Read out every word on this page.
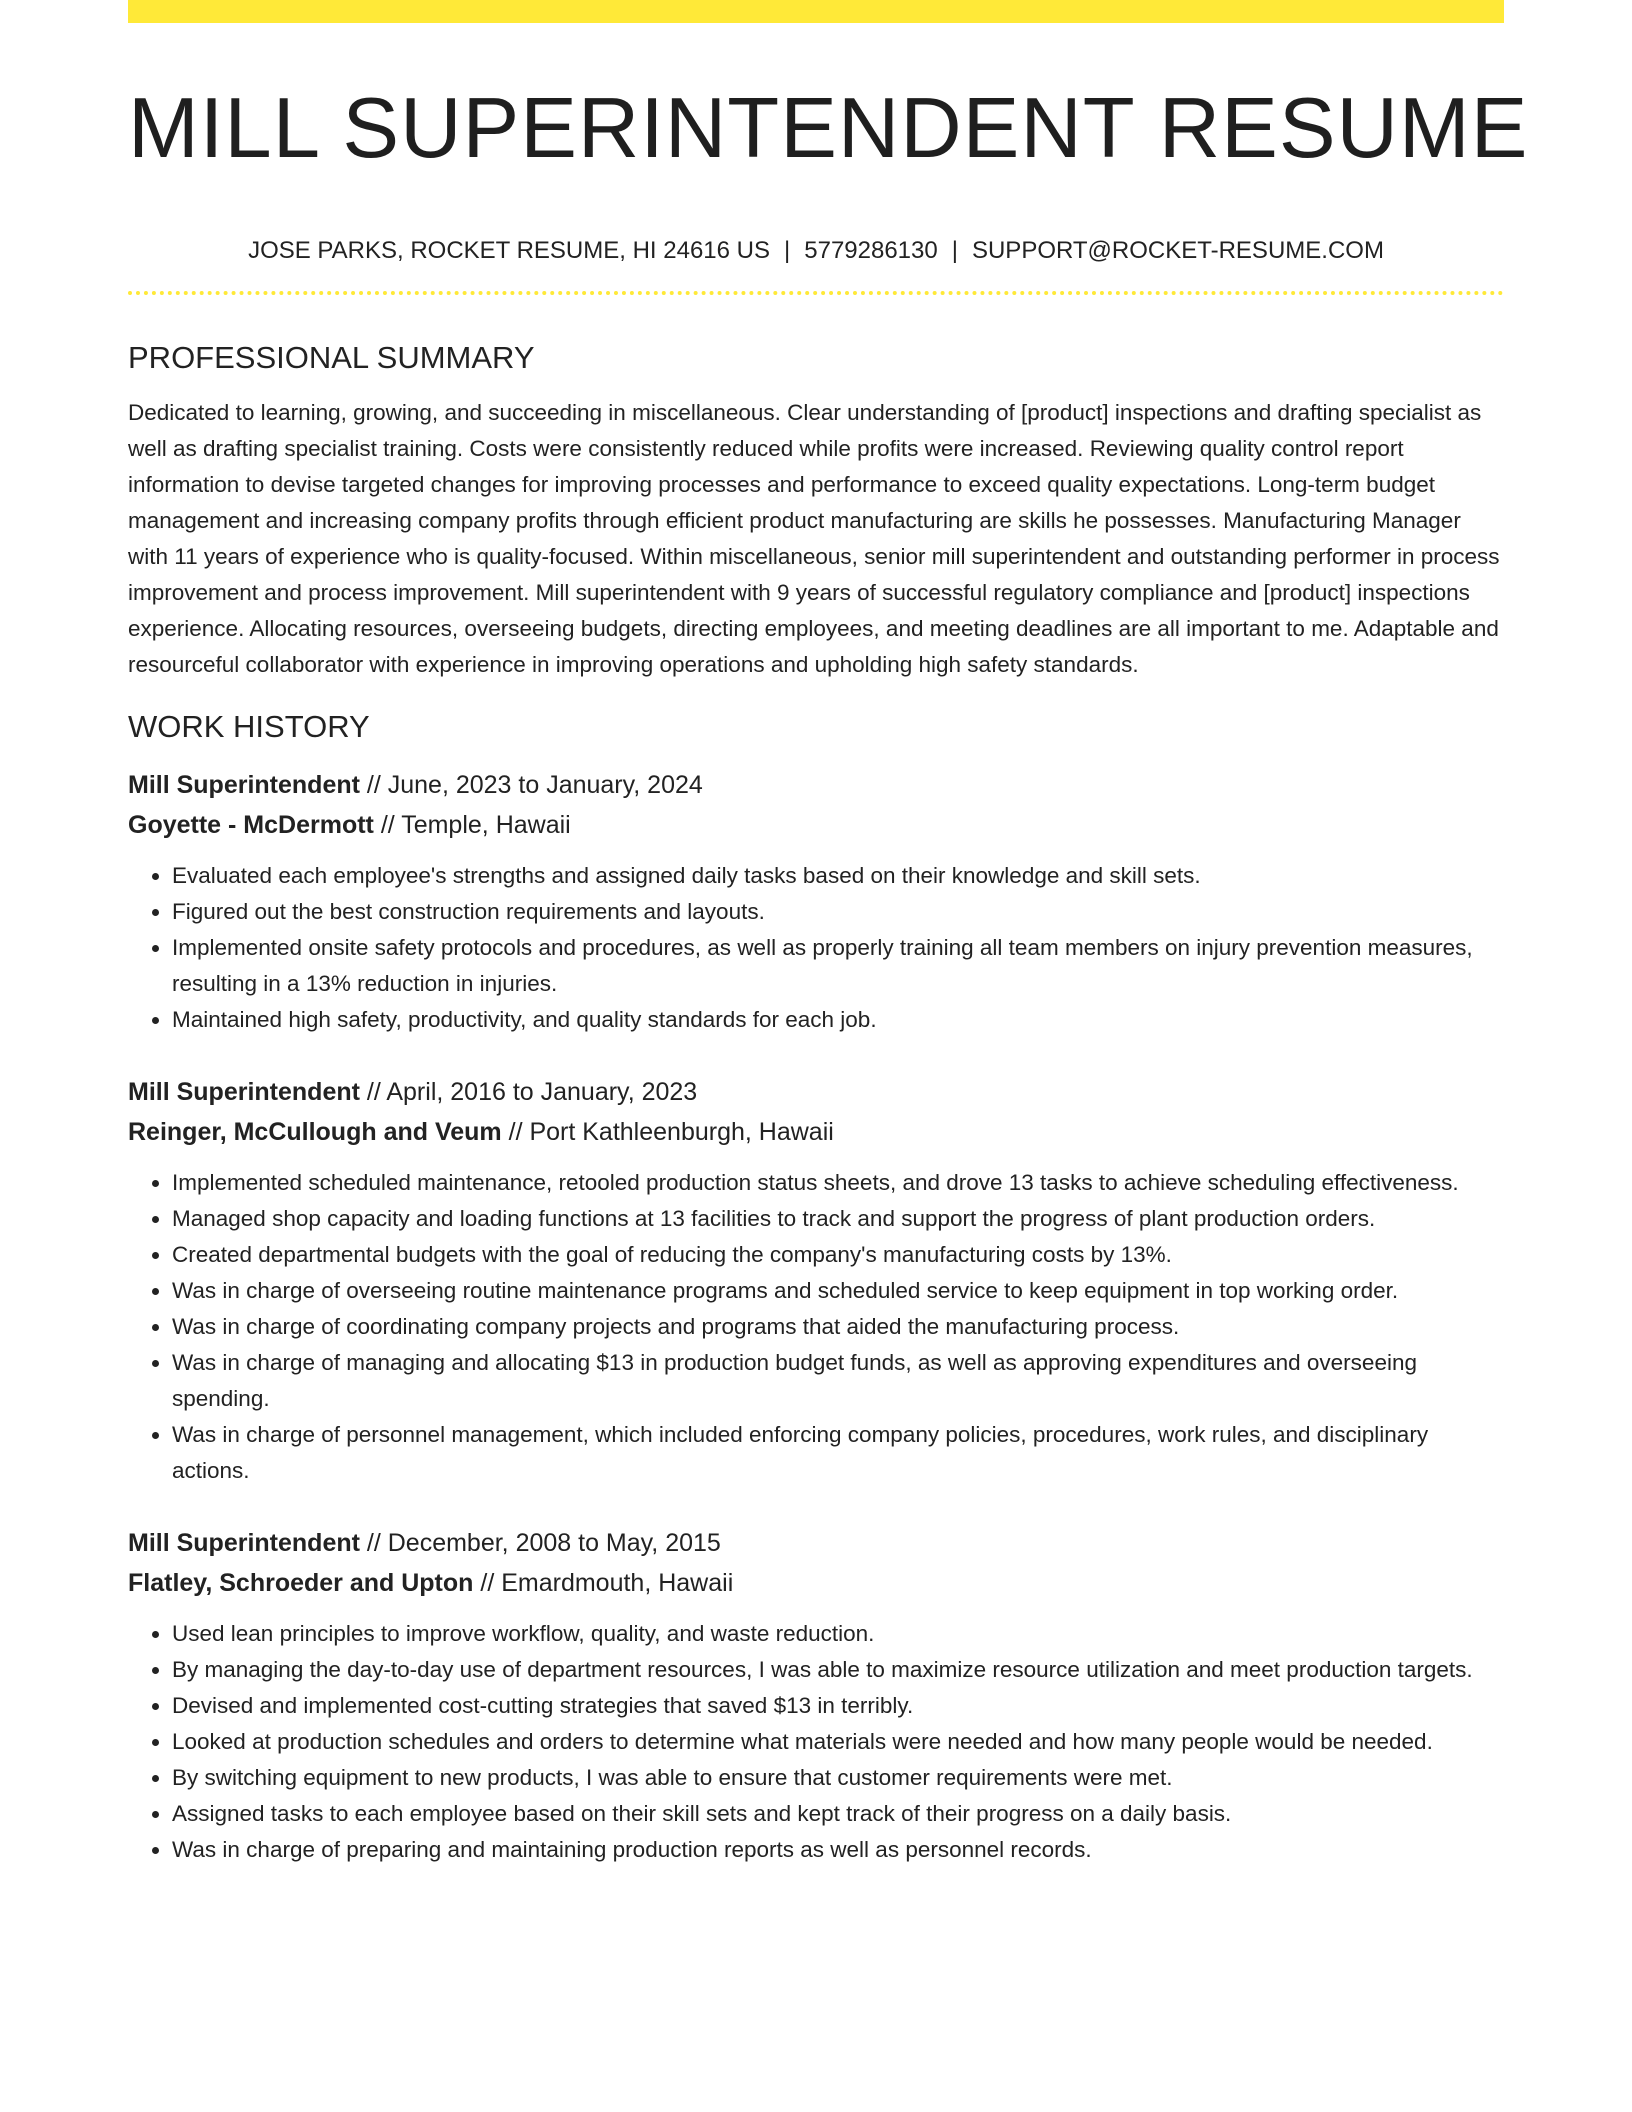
MILL SUPERINTENDENT RESUME
JOSE PARKS, ROCKET RESUME, HI 24616 US | 5779286130 | SUPPORT@ROCKET-RESUME.COM
PROFESSIONAL SUMMARY

Dedicated to learning, growing, and succeeding in miscellaneous. Clear understanding of [product] inspections and drafting specialist as well as drafting specialist training. Costs were consistently reduced while profits were increased. Reviewing quality control report information to devise targeted changes for improving processes and performance to exceed quality expectations. Long-term budget management and increasing company profits through efficient product manufacturing are skills he possesses. Manufacturing Manager with 11 years of experience who is quality-focused. Within miscellaneous, senior mill superintendent and outstanding performer in process improvement and process improvement. Mill superintendent with 9 years of successful regulatory compliance and [product] inspections experience. Allocating resources, overseeing budgets, directing employees, and meeting deadlines are all important to me. Adaptable and resourceful collaborator with experience in improving operations and upholding high safety standards.

WORK HISTORY
Mill Superintendent // June, 2023 to January, 2024
Goyette - McDermott // Temple, Hawaii
• Evaluated each employee's strengths and assigned daily tasks based on their knowledge and skill sets.
• Figured out the best construction requirements and layouts.
• Implemented onsite safety protocols and procedures, as well as properly training all team members on injury prevention measures, resulting in a 13% reduction in injuries.
• Maintained high safety, productivity, and quality standards for each job.
Mill Superintendent // April, 2016 to January, 2023
Reinger, McCullough and Veum // Port Kathleenburgh, Hawaii
• Implemented scheduled maintenance, retooled production status sheets, and drove 13 tasks to achieve scheduling effectiveness.
• Managed shop capacity and loading functions at 13 facilities to track and support the progress of plant production orders.
• Created departmental budgets with the goal of reducing the company's manufacturing costs by 13%.
• Was in charge of overseeing routine maintenance programs and scheduled service to keep equipment in top working order.
• Was in charge of coordinating company projects and programs that aided the manufacturing process.
• Was in charge of managing and allocating $13 in production budget funds, as well as approving expenditures and overseeing spending.
• Was in charge of personnel management, which included enforcing company policies, procedures, work rules, and disciplinary actions.
Mill Superintendent // December, 2008 to May, 2015
Flatley, Schroeder and Upton // Emardmouth, Hawaii
• Used lean principles to improve workflow, quality, and waste reduction.
• By managing the day-to-day use of department resources, I was able to maximize resource utilization and meet production targets.
• Devised and implemented cost-cutting strategies that saved $13 in terribly.
• Looked at production schedules and orders to determine what materials were needed and how many people would be needed.
• By switching equipment to new products, I was able to ensure that customer requirements were met.
• Assigned tasks to each employee based on their skill sets and kept track of their progress on a daily basis.
• Was in charge of preparing and maintaining production reports as well as personnel records.
